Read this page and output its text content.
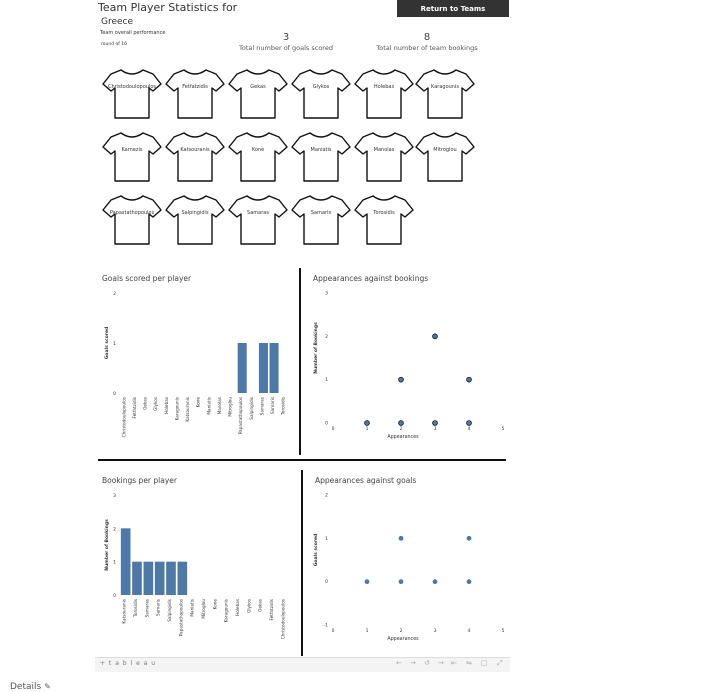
Team Player Statistics for
Greece
Team overall performance
round of 16
Return to Teams
3
Total number of goals scored
8
Total number of team bookings
Christodoulopoulos	Fetfatzidis	Gekas	Glykos	Holebas	Karagounis
Karnezis	Katsouranis	Kone	Maniatis	Manolas	Mitroglou
Papastathopoulos	Salpingidis	Samaras	Samaris	Torosidis
Goals scored per player	Appearances against bookings
Bookings per player	Appearances against goals
Goals scored
0
1
2
Christodoulopoulos Fetfatzidis Gekas Glykos Holebas Karagounis Katsouranis Kone Maniatis Manolas Mitroglou Papastathopoulos Salpingidis Samaras Samaris Torosidis
Number of Bookings
0
1
2
3
0	1	2	3	4	5
Appearances
Number of Bookings
0
1
2
3
Katsouranis Torosidis Samaras Samaris Salpingidis Papastathopoulos Maniatis Mitroglou Kone Karagounis Holebas Glykos Gekas Fetfatzidis Christodoulopoulos
Goals scored
-1
0
1
2
0	1	2	3	4	5
Appearances
+ t a b l e a u	← → ↺ → ⇤ ⇋ □ ⤢
Details ✎
